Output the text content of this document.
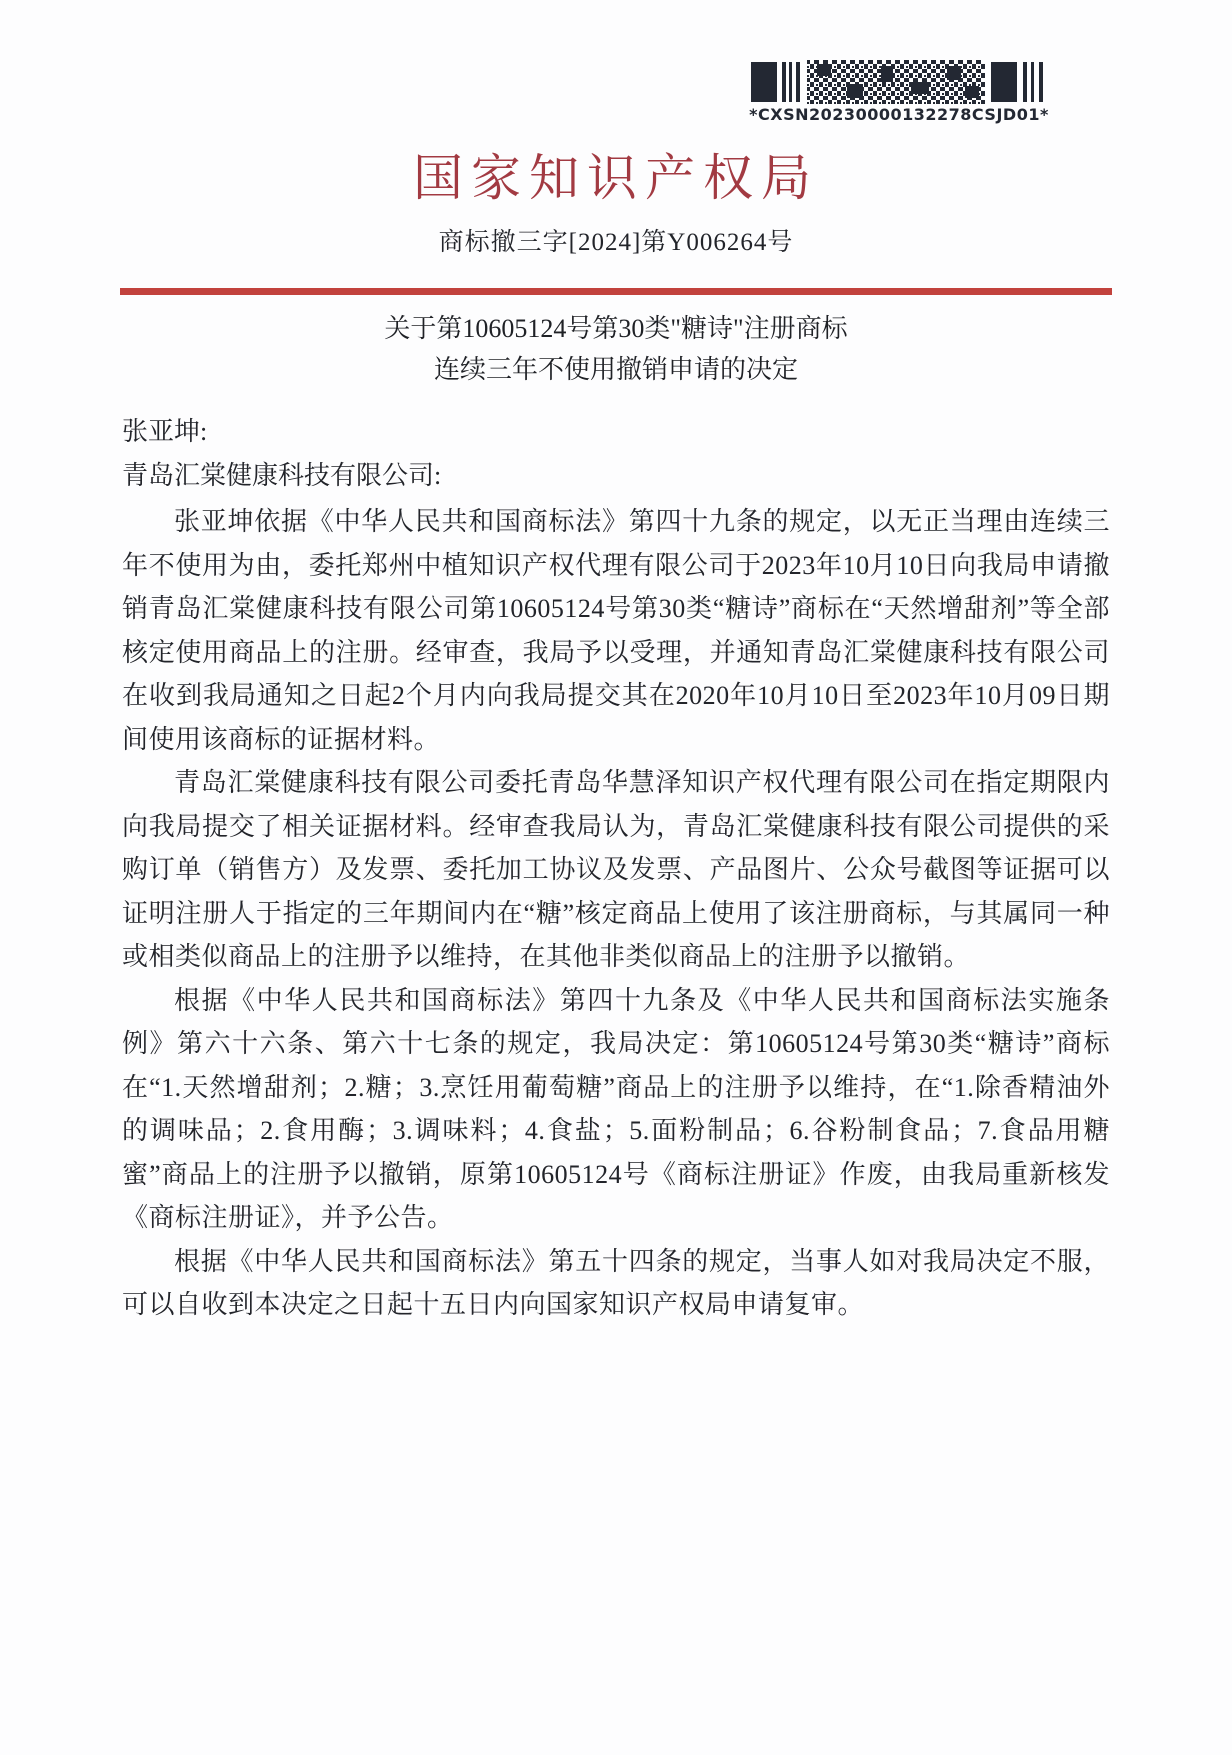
*CXSN20230000132278CSJD01*
国家知识产权局
商标撤三字[2024]第Y006264号
关于第10605124号第30类"糖诗"注册商标
连续三年不使用撤销申请的决定
张亚坤:
青岛汇棠健康科技有限公司:

张亚坤依据《中华人民共和国商标法》第四十九条的规定，以无正当理由连续三年不使用为由，委托郑州中植知识产权代理有限公司于2023年10月10日向我局申请撤销青岛汇棠健康科技有限公司第10605124号第30类“糖诗”商标在“天然增甜剂”等全部核定使用商品上的注册。经审查，我局予以受理，并通知青岛汇棠健康科技有限公司在收到我局通知之日起2个月内向我局提交其在2020年10月10日至2023年10月09日期间使用该商标的证据材料。

青岛汇棠健康科技有限公司委托青岛华慧泽知识产权代理有限公司在指定期限内向我局提交了相关证据材料。经审查我局认为，青岛汇棠健康科技有限公司提供的采购订单（销售方）及发票、委托加工协议及发票、产品图片、公众号截图等证据可以证明注册人于指定的三年期间内在“糖”核定商品上使用了该注册商标，与其属同一种或相类似商品上的注册予以维持，在其他非类似商品上的注册予以撤销。

根据《中华人民共和国商标法》第四十九条及《中华人民共和国商标法实施条例》第六十六条、第六十七条的规定，我局决定：第10605124号第30类“糖诗”商标在“1.天然增甜剂；2.糖；3.烹饪用葡萄糖”商品上的注册予以维持，在“1.除香精油外的调味品；2.食用酶；3.调味料；4.食盐；5.面粉制品；6.谷粉制食品；7.食品用糖蜜”商品上的注册予以撤销，原第10605124号《商标注册证》作废，由我局重新核发《商标注册证》，并予公告。

根据《中华人民共和国商标法》第五十四条的规定，当事人如对我局决定不服，可以自收到本决定之日起十五日内向国家知识产权局申请复审。
